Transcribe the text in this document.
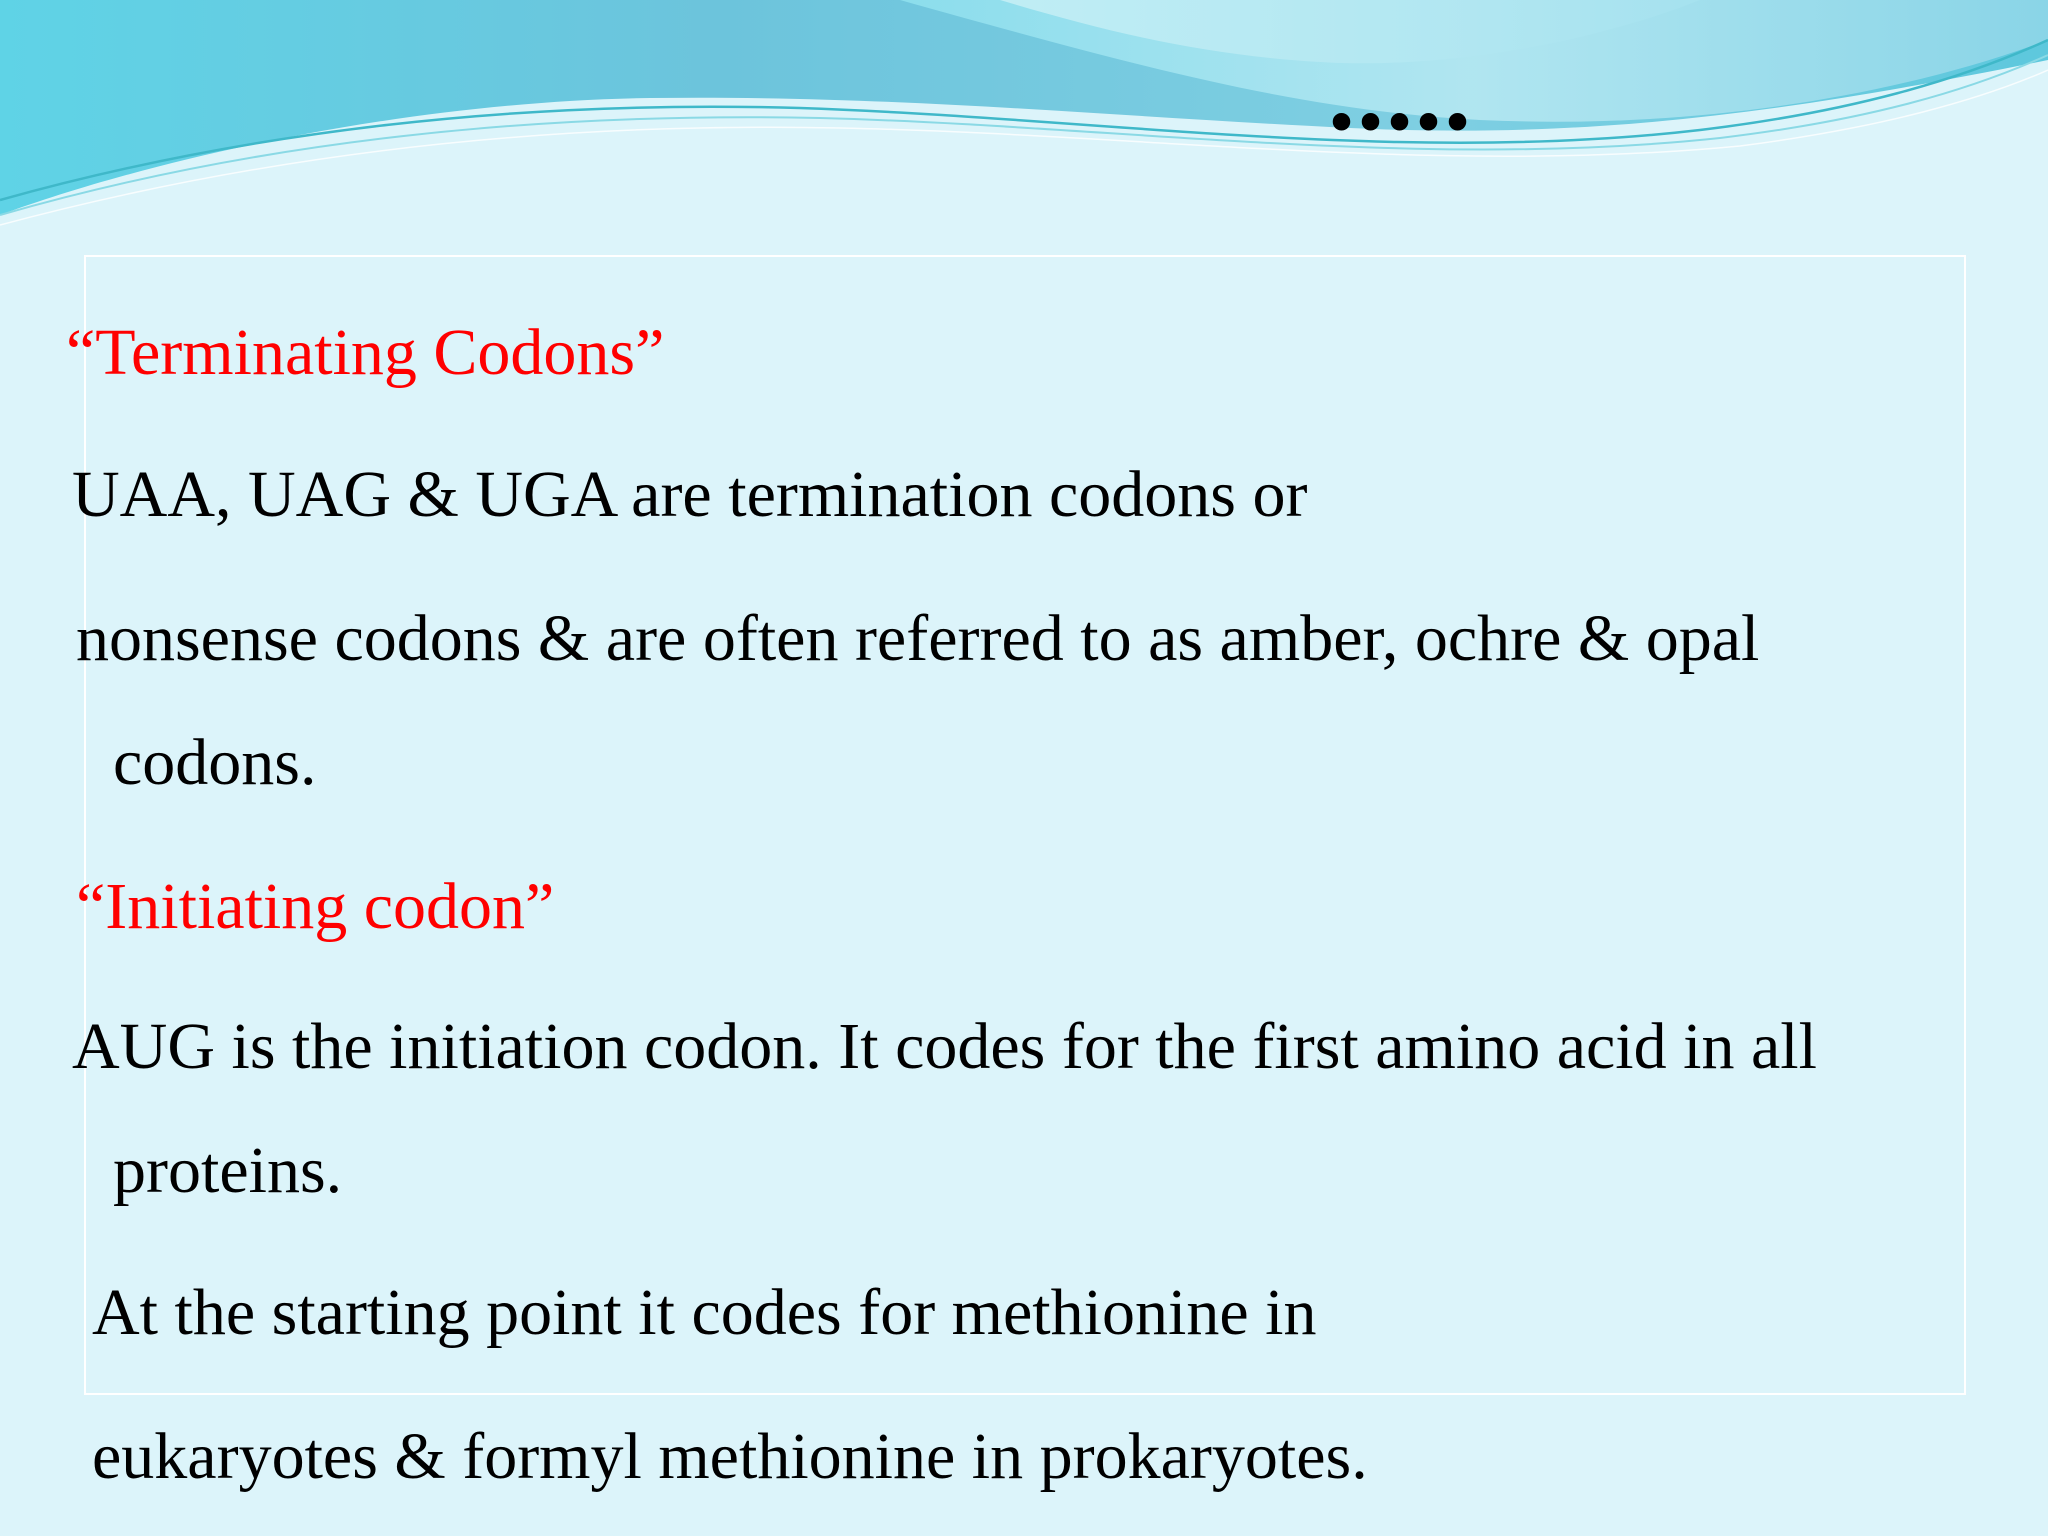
.....

“Terminating Codons”

UAA, UAG & UGA are termination codons or

nonsense codons & are often referred to as amber, ochre & opal

codons.

“Initiating codon”

AUG is the initiation codon. It codes for the first amino acid in all

proteins.

At the starting point it codes for methionine in

eukaryotes & formyl methionine in prokaryotes.
